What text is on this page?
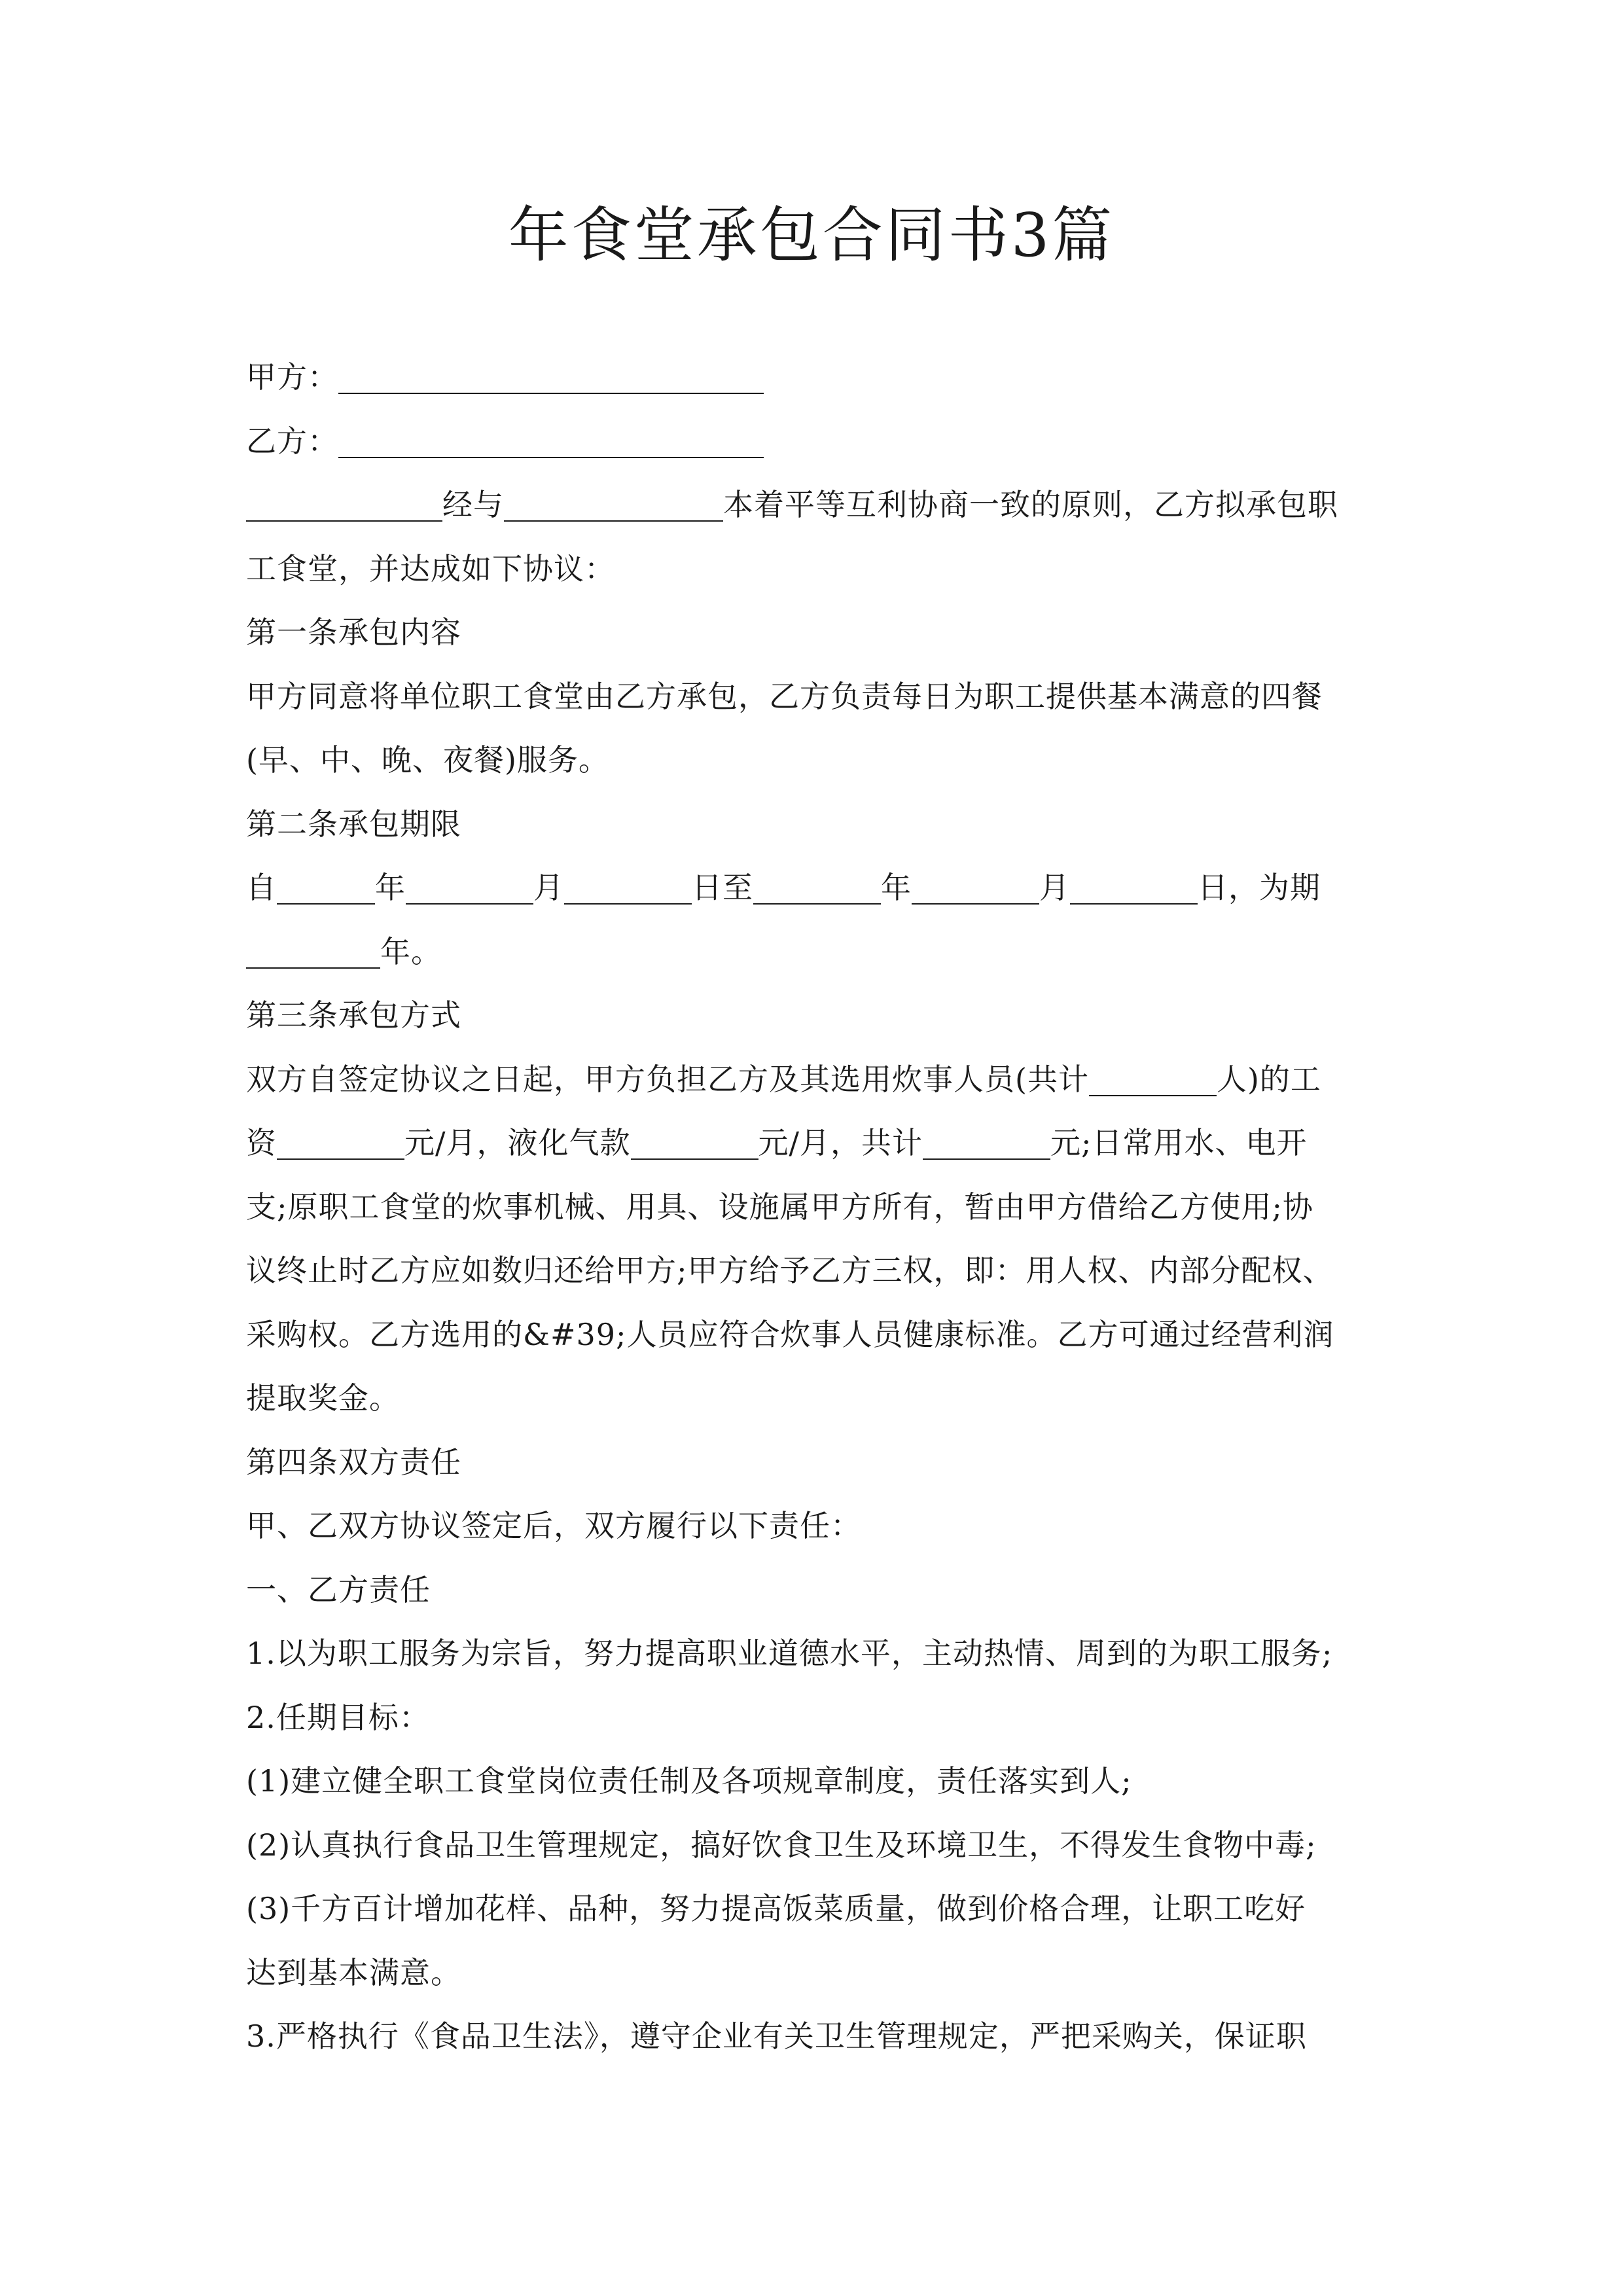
年食堂承包合同书3篇
甲方：
乙方：
经与	本着平等互利协商一致的原则，乙方拟承包职
工食堂，并达成如下协议：
第一条承包内容
甲方同意将单位职工食堂由乙方承包，乙方负责每日为职工提供基本满意的四餐
(早、中、晚、夜餐)服务。
第二条承包期限
自	年	月	日至	年	月	日，为期
年。
第三条承包方式
双方自签定协议之日起，甲方负担乙方及其选用炊事人员(共计	人)的工
资	元/月，液化气款	元/月，共计	元;日常用水、电开
支;原职工食堂的炊事机械、用具、设施属甲方所有，暂由甲方借给乙方使用;协
议终止时乙方应如数归还给甲方;甲方给予乙方三权，即：用人权、内部分配权、
采购权。乙方选用的&#39;人员应符合炊事人员健康标准。乙方可通过经营利润
提取奖金。
第四条双方责任
甲、乙双方协议签定后，双方履行以下责任：
一、乙方责任
1.以为职工服务为宗旨，努力提高职业道德水平，主动热情、周到的为职工服务;
2.任期目标：
(1)建立健全职工食堂岗位责任制及各项规章制度，责任落实到人;
(2)认真执行食品卫生管理规定，搞好饮食卫生及环境卫生，不得发生食物中毒;
(3)千方百计增加花样、品种，努力提高饭菜质量，做到价格合理，让职工吃好
达到基本满意。
3.严格执行《食品卫生法》，遵守企业有关卫生管理规定，严把采购关，保证职
